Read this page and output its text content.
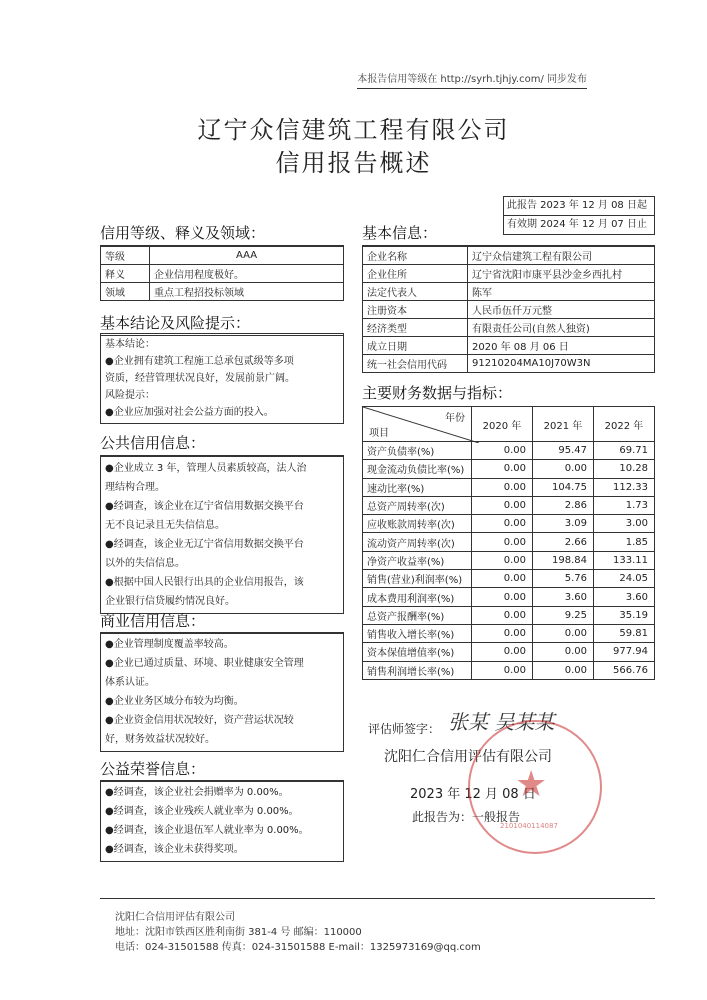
本报告信用等级在 http://syrh.tjhjy.com/ 同步发布
辽宁众信建筑工程有限公司
信用报告概述
此报告 2023 年 12 月 08 日起
有效期 2024 年 12 月 07 日止
信用等级、释义及领域：
等级	AAA
释义	企业信用程度极好。
领域	重点工程招投标领域
基本结论及风险提示：

基本结论：

●企业拥有建筑工程施工总承包贰级等多项

资质，经营管理状况良好，发展前景广阔。

风险提示：

●企业应加强对社会公益方面的投入。

公共信用信息：

●企业成立 3 年，管理人员素质较高，法人治

理结构合理。

●经调查，该企业在辽宁省信用数据交换平台

无不良记录且无失信信息。

●经调查，该企业无辽宁省信用数据交换平台

以外的失信信息。

●根据中国人民银行出具的企业信用报告，该

企业银行信贷履约情况良好。

商业信用信息：

●企业管理制度覆盖率较高。

●企业已通过质量、环境、职业健康安全管理

体系认证。

●企业业务区域分布较为均衡。

●企业资金信用状况较好，资产营运状况较

好，财务效益状况较好。

公益荣誉信息：

●经调查，该企业社会捐赠率为 0.00%。

●经调查，该企业残疾人就业率为 0.00%。

●经调查，该企业退伍军人就业率为 0.00%。

●经调查，该企业未获得奖项。

基本信息：
企业名称	辽宁众信建筑工程有限公司
企业住所	辽宁省沈阳市康平县沙金乡西扎村
法定代表人	陈军
注册资本	人民币伍仟万元整
经济类型	有限责任公司(自然人独资)
成立日期	2020 年 08 月 06 日
统一社会信用代码	91210204MA10J70W3N
主要财务数据与指标：
年份
项目	2020 年	2021 年	2022 年
资产负债率(%)	0.00	95.47	69.71
现金流动负债比率(%)	0.00	0.00	10.28
速动比率(%)	0.00	104.75	112.33
总资产周转率(次)	0.00	2.86	1.73
应收账款周转率(次)	0.00	3.09	3.00
流动资产周转率(次)	0.00	2.66	1.85
净资产收益率(%)	0.00	198.84	133.11
销售(营业)利润率(%)	0.00	5.76	24.05
成本费用利润率(%)	0.00	3.60	3.60
总资产报酬率(%)	0.00	9.25	35.19
销售收入增长率(%)	0.00	0.00	59.81
资本保值增值率(%)	0.00	0.00	977.94
销售利润增长率(%)	0.00	0.00	566.76
评估师签字： 张某 吴某某
沈阳仁合信用评估有限公司
2023 年 12 月 08 日
此报告为：一般报告
★
2101040114087
沈阳仁合信用评估有限公司
地址：沈阳市铁西区胜利南街 381-4 号 邮编：110000
电话：024-31501588 传真：024-31501588 E-mail：1325973169@qq.com
